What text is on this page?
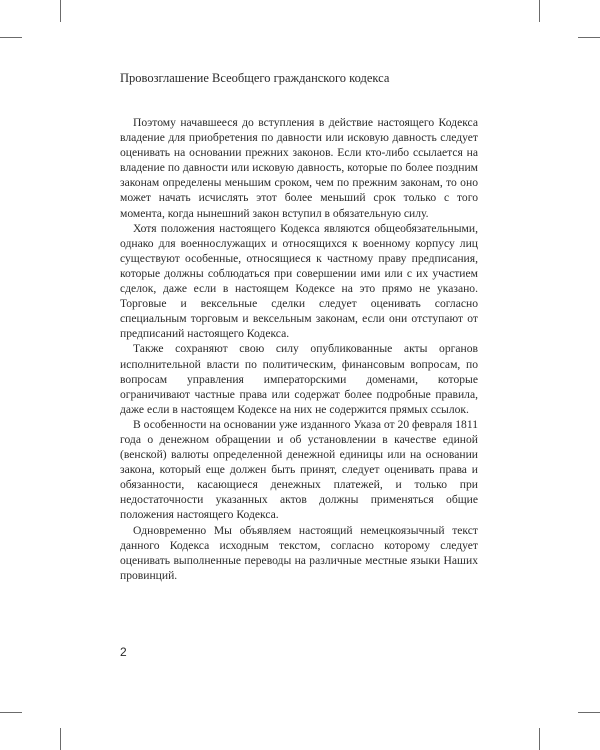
Провозглашение Всеобщего гражданского кодекса

Поэтому начавшееся до вступления в действие настоящего Кодекса владение для приобретения по давности или исковую давность следует оценивать на основании прежних законов. Если кто-либо ссылается на владение по давности или исковую давность, которые по более поздним законам определены меньшим сроком, чем по прежним законам, то оно может начать исчислять этот более меньший срок только с того момента, когда нынешний закон вступил в обязательную силу.

Хотя положения настоящего Кодекса являются общеобязательными, однако для военнослужащих и относящихся к военному корпусу лиц существуют особенные, относящиеся к частному праву предписания, которые должны соблюдаться при совершении ими или с их участием сделок, даже если в настоящем Кодексе на это прямо не указано. Торговые и вексельные сделки следует оценивать согласно специальным торговым и вексельным законам, если они отступают от предписаний настоящего Кодекса.

Также сохраняют свою силу опубликованные акты органов исполнительной власти по политическим, финансовым вопросам, по вопросам управления императорскими доменами, которые ограничивают частные права или содержат более подробные правила, даже если в настоящем Кодексе на них не содержится прямых ссылок.

В особенности на основании уже изданного Указа от 20 февраля 1811 года о денежном обращении и об установлении в качестве единой (венской) валюты определенной денежной единицы или на основании закона, который еще должен быть принят, следует оценивать права и обязанности, касающиеся денежных платежей, и только при недостаточности указанных актов должны применяться общие положения настоящего Кодекса.

Одновременно Мы объявляем настоящий немецкоязычный текст данного Кодекса исходным текстом, согласно которому следует оценивать выполненные переводы на различные местные языки Наших провинций.

2
